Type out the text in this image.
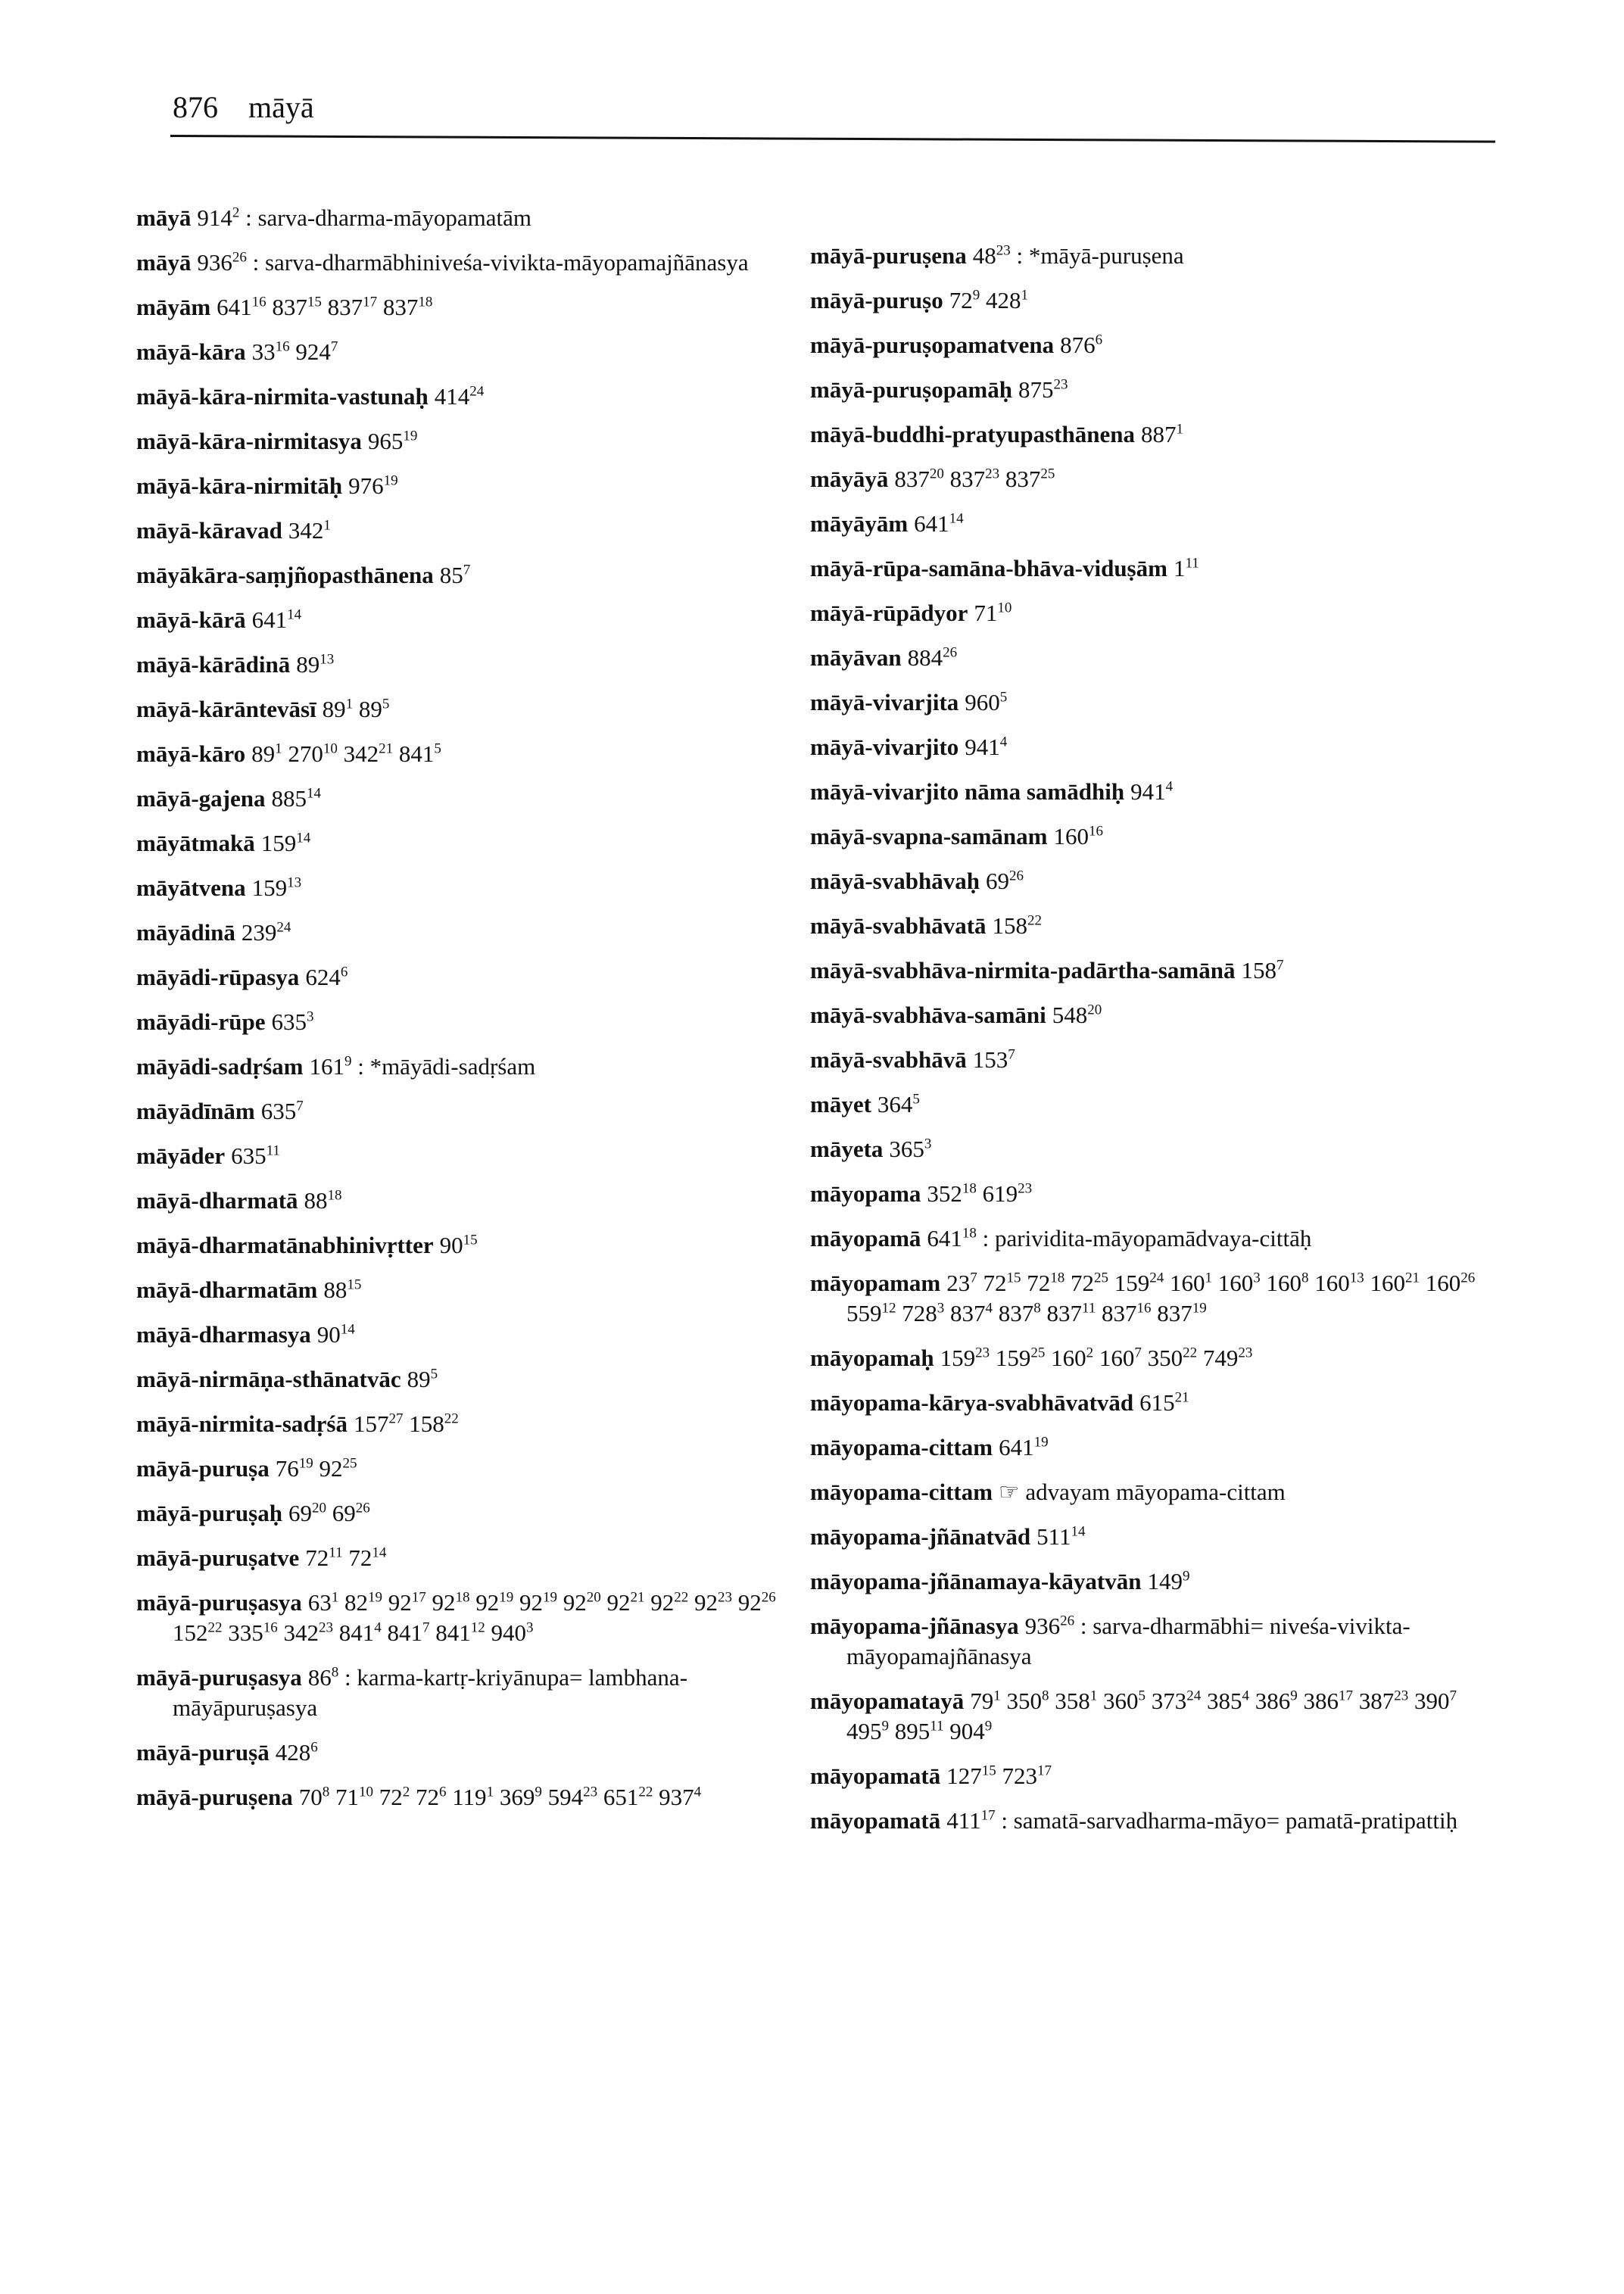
876 māyā
māyā $914^2$ : sarva-dharma-māyopamatām
māyā $936^{26}$ : sarva-dharmābhiniveśa-vivikta-māyopamajñānasya
māyām $641^{16}$ $837^{15}$ $837^{17}$ $837^{18}$
māyā-kāra $33^{16}$ $924^7$
māyā-kāra-nirmita-vastunaḥ $414^{24}$
māyā-kāra-nirmitasya $965^{19}$
māyā-kāra-nirmitāḥ $976^{19}$
māyā-kāravad $342^1$
māyākāra-saṃjñopasthānena $85^7$
māyā-kārā $641^{14}$
māyā-kārādinā $89^{13}$
māyā-kārāntevāsī $89^1$ $89^5$
māyā-kāro $89^1$ $270^{10}$ $342^{21}$ $841^5$
māyā-gajena $885^{14}$
māyātmakā $159^{14}$
māyātvena $159^{13}$
māyādinā $239^{24}$
māyādi-rūpasya $624^6$
māyādi-rūpe $635^3$
māyādi-sadṛśam $161^9$ : *māyādi-sadṛśam
māyādīnām $635^7$
māyāder $635^{11}$
māyā-dharmatā $88^{18}$
māyā-dharmatānabhinivṛtter $90^{15}$
māyā-dharmatām $88^{15}$
māyā-dharmasya $90^{14}$
māyā-nirmāṇa-sthānatvāc $89^5$
māyā-nirmita-sadṛśā $157^{27}$ $158^{22}$
māyā-puruṣa $76^{19}$ $92^{25}$
māyā-puruṣaḥ $69^{20}$ $69^{26}$
māyā-puruṣatve $72^{11}$ $72^{14}$
māyā-puruṣasya $63^1$ $82^{19}$ $92^{17}$ $92^{18}$ $92^{19}$ $92^{19}$ $92^{20}$ $92^{21}$ $92^{22}$ $92^{23}$ $92^{26}$ $152^{22}$ $335^{16}$ $342^{23}$ $841^4$ $841^7$ $841^{12}$ $940^3$
māyā-puruṣasya $86^8$ : karma-kartṛ-kriyānupa= lambhana-māyāpuruṣasya
māyā-puruṣā $428^6$
māyā-puruṣena $70^8$ $71^{10}$ $72^2$ $72^6$ $119^1$ $369^9$ $594^{23}$ $651^{22}$ $937^4$
māyā-puruṣena $48^{23}$ : *māyā-puruṣena
māyā-puruṣo $72^9$ $428^1$
māyā-puruṣopamatvena $876^6$
māyā-puruṣopamāḥ $875^{23}$
māyā-buddhi-pratyupasthānena $887^1$
māyāyā $837^{20}$ $837^{23}$ $837^{25}$
māyāyām $641^{14}$
māyā-rūpa-samāna-bhāva-viduṣām $1^{11}$
māyā-rūpādyor $71^{10}$
māyāvan $884^{26}$
māyā-vivarjita $960^5$
māyā-vivarjito $941^4$
māyā-vivarjito nāma samādhiḥ $941^4$
māyā-svapna-samānam $160^{16}$
māyā-svabhāvaḥ $69^{26}$
māyā-svabhāvatā $158^{22}$
māyā-svabhāva-nirmita-padārtha-samānā $158^7$
māyā-svabhāva-samāni $548^{20}$
māyā-svabhāvā $153^7$
māyet $364^5$
māyeta $365^3$
māyopama $352^{18}$ $619^{23}$
māyopamā $641^{18}$ : parividita-māyopamādvaya-cittāḥ
māyopamam $23^7$ $72^{15}$ $72^{18}$ $72^{25}$ $159^{24}$ $160^1$ $160^3$ $160^8$ $160^{13}$ $160^{21}$ $160^{26}$ $559^{12}$ $728^3$ $837^4$ $837^8$ $837^{11}$ $837^{16}$ $837^{19}$
māyopamaḥ $159^{23}$ $159^{25}$ $160^2$ $160^7$ $350^{22}$ $749^{23}$
māyopama-kārya-svabhāvatvād $615^{21}$
māyopama-cittam $641^{19}$
māyopama-cittam ☞ advayam māyopama-cittam
māyopama-jñānatvād $511^{14}$
māyopama-jñānamaya-kāyatvān $149^9$
māyopama-jñānasya $936^{26}$ : sarva-dharmābhi= niveśa-vivikta-māyopamajñānasya
māyopamatayā $79^1$ $350^8$ $358^1$ $360^5$ $373^{24}$ $385^4$ $386^9$ $386^{17}$ $387^{23}$ $390^7$ $495^9$ $895^{11}$ $904^9$
māyopamatā $127^{15}$ $723^{17}$
māyopamatā $411^{17}$ : samatā-sarvadharma-māyo= pamatā-pratipattiḥ
